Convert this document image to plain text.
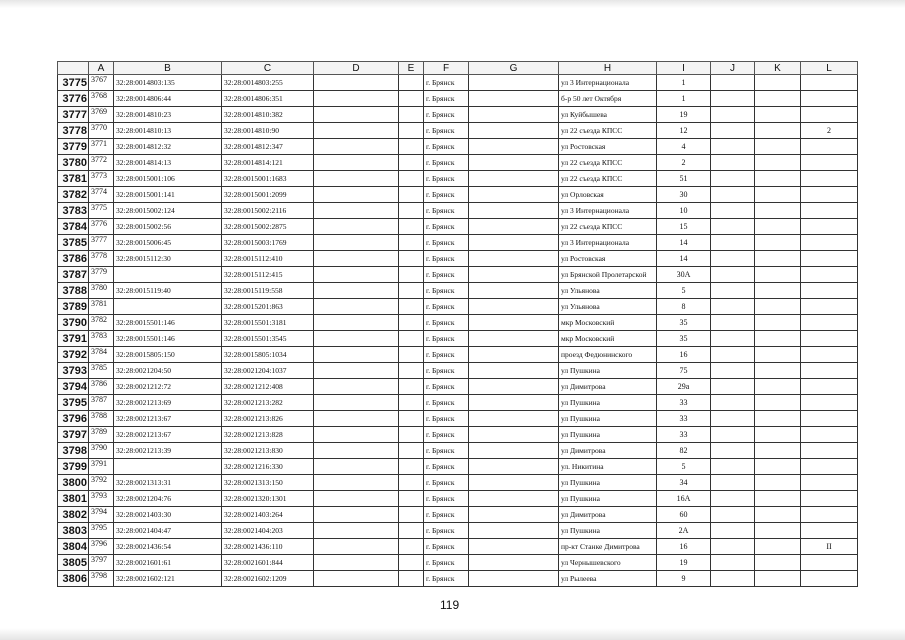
	A	B	C	D	E	F	G	H	I	J	K	L
3775	3767	32:28:0014803:135	32:28:0014803:255			г. Брянск		ул 3 Интернационала	1			
3776	3768	32:28:0014806:44	32:28:0014806:351			г. Брянск		б-р 50 лет Октября	1			
3777	3769	32:28:0014810:23	32:28:0014810:382			г. Брянск		ул Куйбышева	19			
3778	3770	32:28:0014810:13	32:28:0014810:90			г. Брянск		ул 22 съезда КПСС	12			2
3779	3771	32:28:0014812:32	32:28:0014812:347			г. Брянск		ул Ростовская	4			
3780	3772	32:28:0014814:13	32:28:0014814:121			г. Брянск		ул 22 съезда КПСС	2			
3781	3773	32:28:0015001:106	32:28:0015001:1683			г. Брянск		ул 22 съезда КПСС	51			
3782	3774	32:28:0015001:141	32:28:0015001:2099			г. Брянск		ул Орловская	30			
3783	3775	32:28:0015002:124	32:28:0015002:2116			г. Брянск		ул 3 Интернационала	10			
3784	3776	32:28:0015002:56	32:28:0015002:2875			г. Брянск		ул 22 съезда КПСС	15			
3785	3777	32:28:0015006:45	32:28:0015003:1769			г. Брянск		ул 3 Интернационала	14			
3786	3778	32:28:0015112:30	32:28:0015112:410			г. Брянск		ул Ростовская	14			
3787	3779		32:28:0015112:415			г. Брянск		ул Брянской Пролетарской	30А			
3788	3780	32:28:0015119:40	32:28:0015119:558			г. Брянск		ул Ульянова	5			
3789	3781		32:28:0015201:863			г. Брянск		ул Ульянова	8			
3790	3782	32:28:0015501:146	32:28:0015501:3181			г. Брянск		мкр Московский	35			
3791	3783	32:28:0015501:146	32:28:0015501:3545			г. Брянск		мкр Московский	35			
3792	3784	32:28:0015805:150	32:28:0015805:1034			г. Брянск		проезд Федюнинского	16			
3793	3785	32:28:0021204:50	32:28:0021204:1037			г. Брянск		ул Пушкина	75			
3794	3786	32:28:0021212:72	32:28:0021212:408			г. Брянск		ул Димитрова	29а			
3795	3787	32:28:0021213:69	32:28:0021213:282			г. Брянск		ул Пушкина	33			
3796	3788	32:28:0021213:67	32:28:0021213:826			г. Брянск		ул Пушкина	33			
3797	3789	32:28:0021213:67	32:28:0021213:828			г. Брянск		ул Пушкина	33			
3798	3790	32:28:0021213:39	32:28:0021213:830			г. Брянск		ул Димитрова	82			
3799	3791		32:28:0021216:330			г. Брянск		ул. Никитина	5			
3800	3792	32:28:0021313:31	32:28:0021313:150			г. Брянск		ул Пушкина	34			
3801	3793	32:28:0021204:76	32:28:0021320:1301			г. Брянск		ул Пушкина	16А			
3802	3794	32:28:0021403:30	32:28:0021403:264			г. Брянск		ул Димитрова	60			
3803	3795	32:28:0021404:47	32:28:0021404:203			г. Брянск		ул Пушкина	2А			
3804	3796	32:28:0021436:54	32:28:0021436:110			г. Брянск		пр-кт Станке Димитрова	16			II
3805	3797	32:28:0021601:61	32:28:0021601:844			г. Брянск		ул Чернышевского	19			
3806	3798	32:28:0021602:121	32:28:0021602:1209			г. Брянск		ул Рылеева	9			
119
